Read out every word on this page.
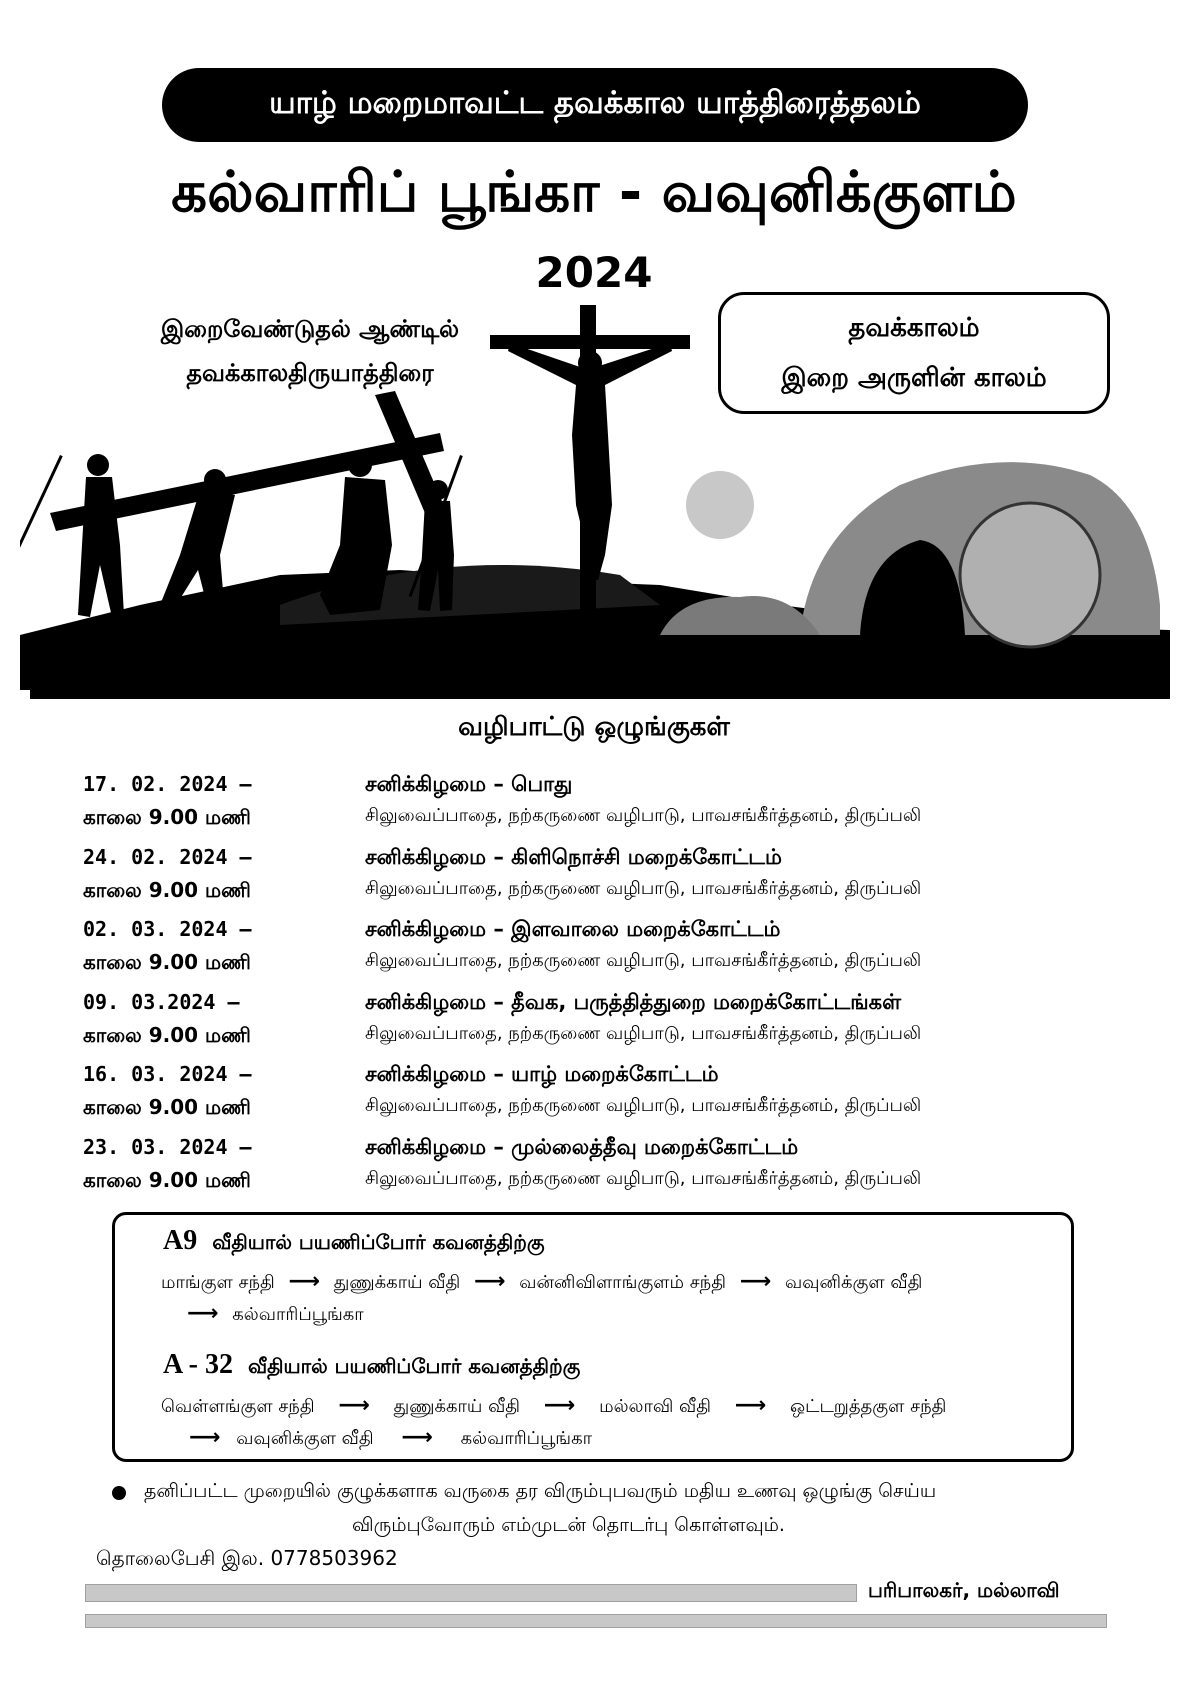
யாழ் மறைமாவட்ட தவக்கால யாத்திரைத்தலம்
கல்வாரிப் பூங்கா - வவுனிக்குளம்
2024
இறைவேண்டுதல் ஆண்டில்
தவக்காலதிருயாத்திரை
தவக்காலம்
இறை அருளின் காலம்
வழிபாட்டு ஒழுங்குகள்
17. 02. 2024 –
காலை 9.00 மணி
சனிக்கிழமை – பொது
சிலுவைப்பாதை, நற்கருணை வழிபாடு, பாவசங்கீர்த்தனம், திருப்பலி
24. 02. 2024 –
காலை 9.00 மணி
சனிக்கிழமை – கிளிநொச்சி மறைக்கோட்டம்
சிலுவைப்பாதை, நற்கருணை வழிபாடு, பாவசங்கீர்த்தனம், திருப்பலி
02. 03. 2024 –
காலை 9.00 மணி
சனிக்கிழமை – இளவாலை மறைக்கோட்டம்
சிலுவைப்பாதை, நற்கருணை வழிபாடு, பாவசங்கீர்த்தனம், திருப்பலி
09. 03.2024 –
காலை 9.00 மணி
சனிக்கிழமை – தீவக, பருத்தித்துறை மறைக்கோட்டங்கள்
சிலுவைப்பாதை, நற்கருணை வழிபாடு, பாவசங்கீர்த்தனம், திருப்பலி
16. 03. 2024 –
காலை 9.00 மணி
சனிக்கிழமை – யாழ் மறைக்கோட்டம்
சிலுவைப்பாதை, நற்கருணை வழிபாடு, பாவசங்கீர்த்தனம், திருப்பலி
23. 03. 2024 –
காலை 9.00 மணி
சனிக்கிழமை – முல்லைத்தீவு மறைக்கோட்டம்
சிலுவைப்பாதை, நற்கருணை வழிபாடு, பாவசங்கீர்த்தனம், திருப்பலி
A9 வீதியால் பயணிப்போர் கவனத்திற்கு
மாங்குள சந்தி ⟶ துணுக்காய் வீதி ⟶ வன்னிவிளாங்குளம் சந்தி ⟶ வவுனிக்குள வீதி
⟶ கல்வாரிப்பூங்கா
A - 32 வீதியால் பயணிப்போர் கவனத்திற்கு
வெள்ளங்குள சந்தி ⟶ துணுக்காய் வீதி ⟶ மல்லாவி வீதி ⟶ ஒட்டறுத்தகுள சந்தி
⟶ வவுனிக்குள வீதி ⟶ கல்வாரிப்பூங்கா
தனிப்பட்ட முறையில் குழுக்களாக வருகை தர விரும்புபவரும் மதிய உணவு ஒழுங்கு செய்ய
விரும்புவோரும் எம்முடன் தொடர்பு கொள்ளவும்.
தொலைபேசி இல. 0778503962
பரிபாலகர், மல்லாவி
